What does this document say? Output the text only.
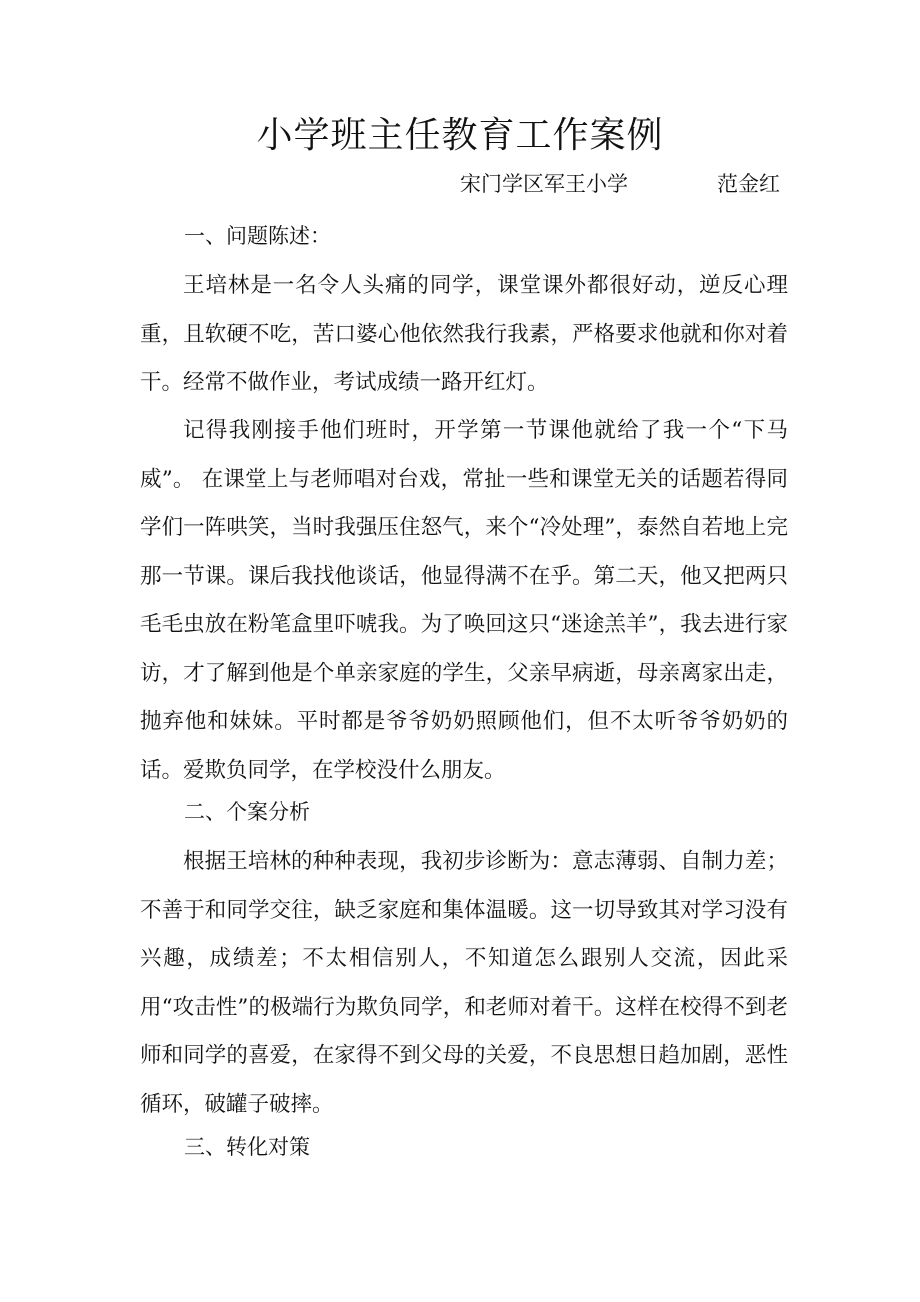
小学班主任教育工作案例
宋门学区军王小学	范金红
一、问题陈述：

王培林是一名令人头痛的同学，课堂课外都很好动，逆反心理重，且软硬不吃，苦口婆心他依然我行我素，严格要求他就和你对着干。经常不做作业，考试成绩一路开红灯。

记得我刚接手他们班时，开学第一节课他就给了我一个“下马威”。 在课堂上与老师唱对台戏，常扯一些和课堂无关的话题若得同学们一阵哄笑，当时我强压住怒气，来个“冷处理”，泰然自若地上完那一节课。课后我找他谈话，他显得满不在乎。第二天，他又把两只毛毛虫放在粉笔盒里吓唬我。为了唤回这只“迷途羔羊”，我去进行家访，才了解到他是个单亲家庭的学生，父亲早病逝，母亲离家出走，抛弃他和妹妹。平时都是爷爷奶奶照顾他们，但不太听爷爷奶奶的话。爱欺负同学，在学校没什么朋友。

二、个案分析

根据王培林的种种表现，我初步诊断为：意志薄弱、自制力差；不善于和同学交往，缺乏家庭和集体温暖。这一切导致其对学习没有兴趣，成绩差；不太相信别人，不知道怎么跟别人交流，因此采用“攻击性”的极端行为欺负同学，和老师对着干。这样在校得不到老师和同学的喜爱，在家得不到父母的关爱，不良思想日趋加剧，恶性循环，破罐子破摔。

三、转化对策
